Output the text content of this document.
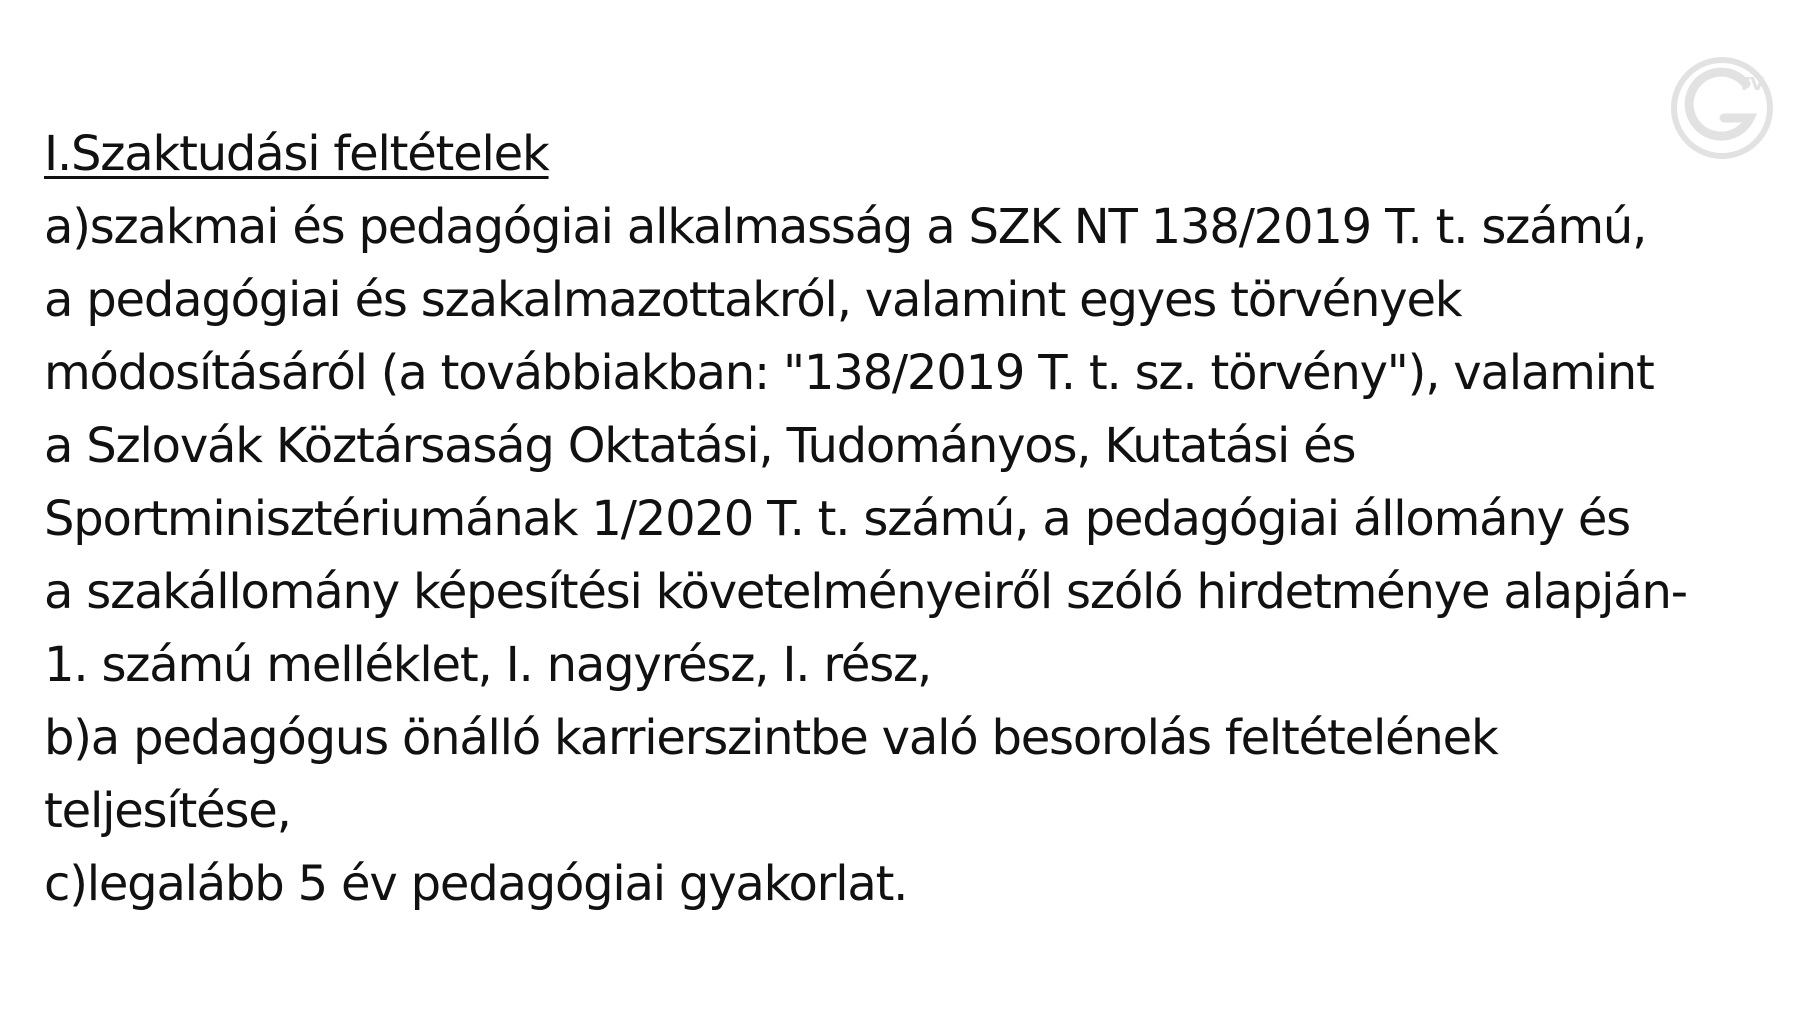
TV
I.Szaktudási feltételek
a)szakmai és pedagógiai alkalmasság a SZK NT 138/2019 T. t. számú,
a pedagógiai és szakalmazottakról, valamint egyes törvények
módosításáról (a továbbiakban: "138/2019 T. t. sz. törvény"), valamint
a Szlovák Köztársaság Oktatási, Tudományos, Kutatási és
Sportminisztériumának 1/2020 T. t. számú, a pedagógiai állomány és
a szakállomány képesítési követelményeiről szóló hirdetménye alapján-
1. számú melléklet, I. nagyrész, I. rész,
b)a pedagógus önálló karrierszintbe való besorolás feltételének
teljesítése,
c)legalább 5 év pedagógiai gyakorlat.
